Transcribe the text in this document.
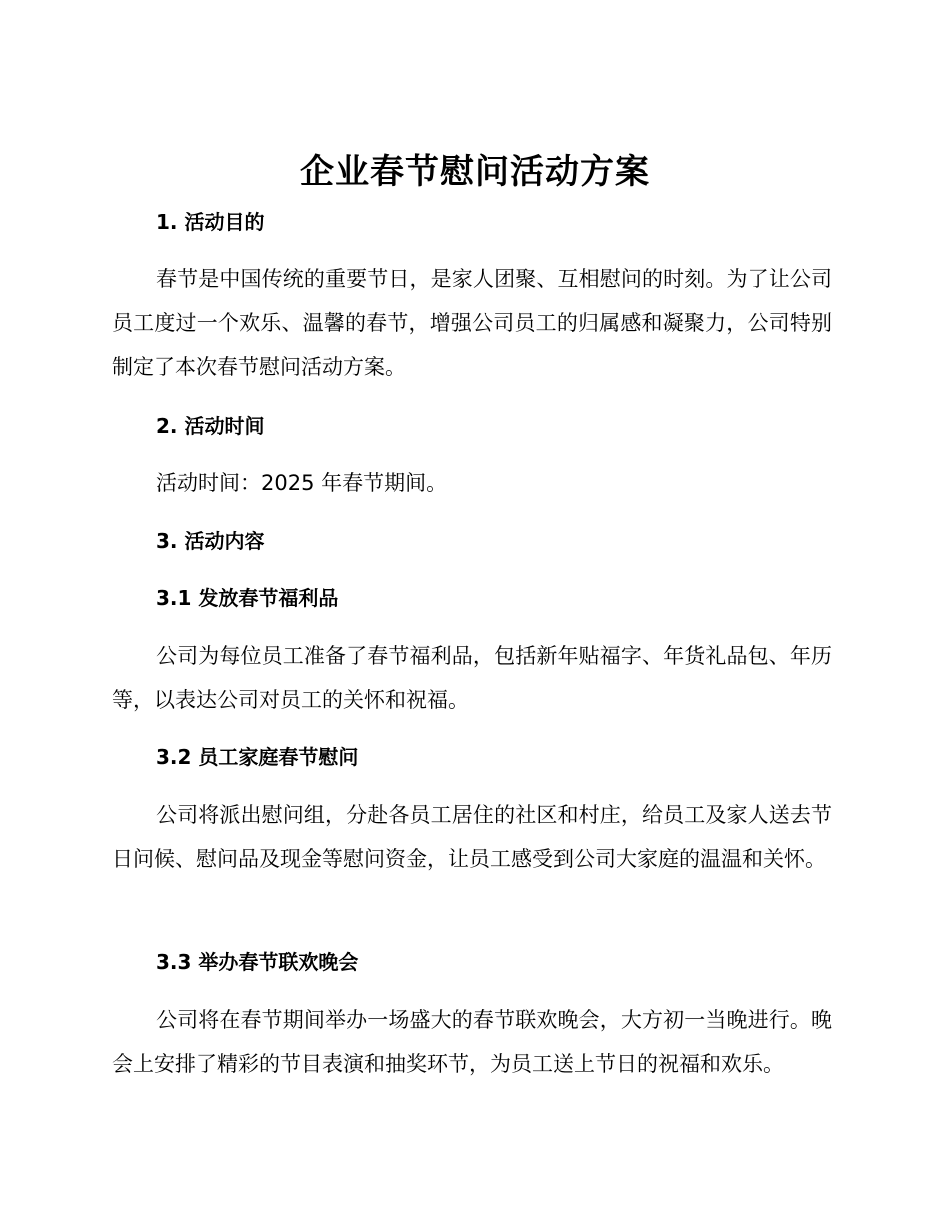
企业春节慰问活动方案
1. 活动目的
春节是中国传统的重要节日，是家人团聚、互相慰问的时刻。为了让公司员工度过一个欢乐、温馨的春节，增强公司员工的归属感和凝聚力，公司特别制定了本次春节慰问活动方案。
2. 活动时间
活动时间：2025 年春节期间。
3. 活动内容
3.1 发放春节福利品
公司为每位员工准备了春节福利品，包括新年贴福字、年货礼品包、年历等，以表达公司对员工的关怀和祝福。
3.2 员工家庭春节慰问
公司将派出慰问组，分赴各员工居住的社区和村庄，给员工及家人送去节日问候、慰问品及现金等慰问资金，让员工感受到公司大家庭的温温和关怀。
3.3 举办春节联欢晚会
公司将在春节期间举办一场盛大的春节联欢晚会，大方初一当晚进行。晚会上安排了精彩的节目表演和抽奖环节，为员工送上节日的祝福和欢乐。
